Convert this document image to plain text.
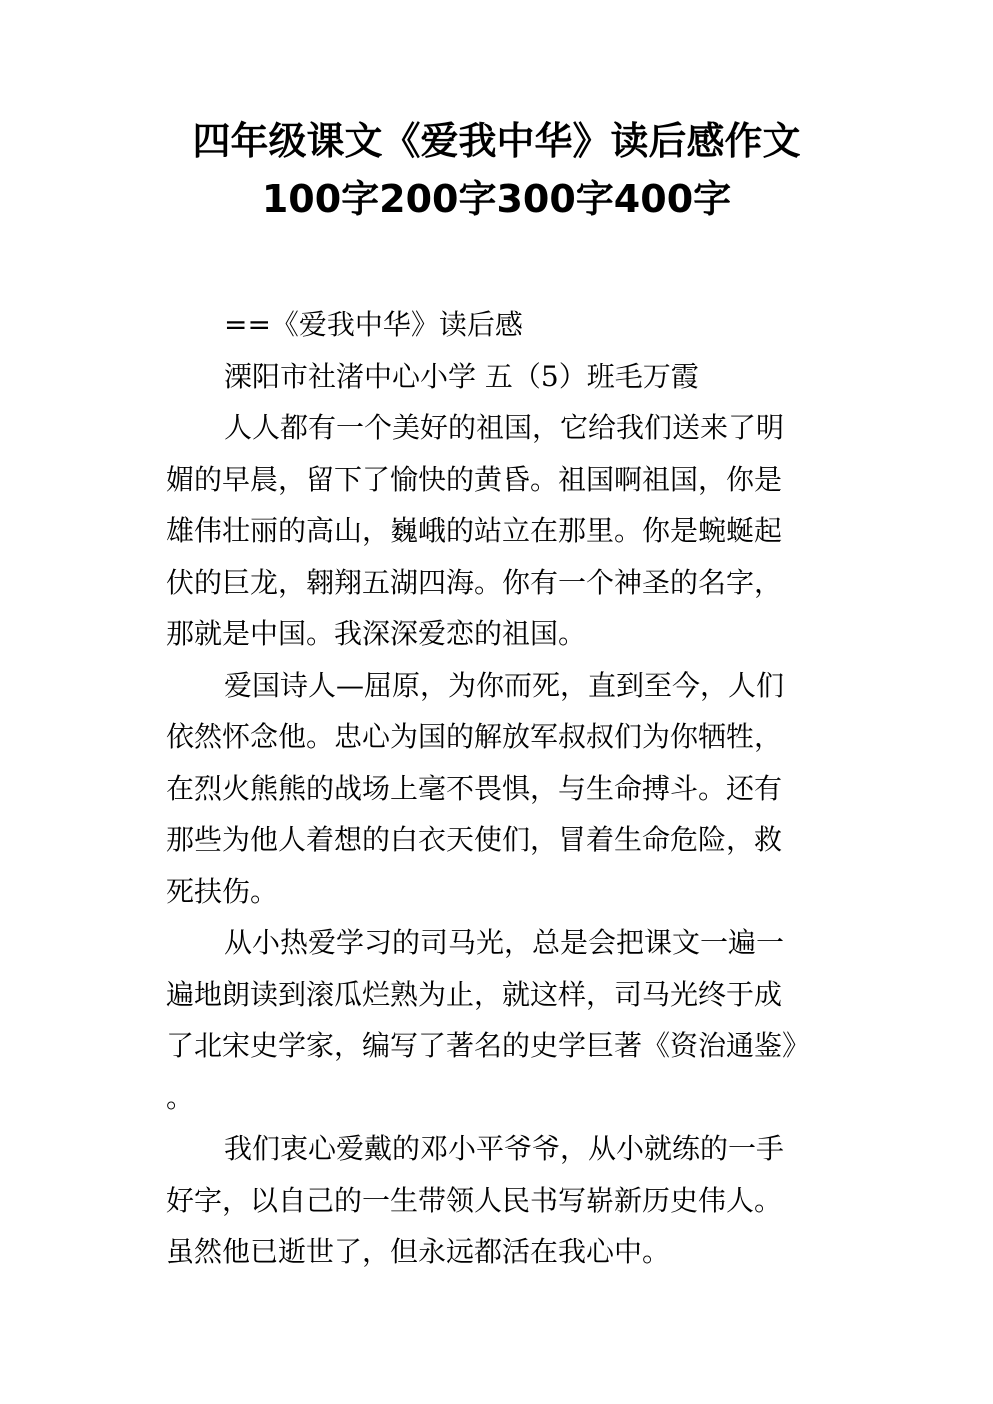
四年级课文《爱我中华》读后感作文
100字200字300字400字
==《爱我中华》读后感
溧阳市社渚中心小学 五（5）班毛万霞
人人都有一个美好的祖国，它给我们送来了明
媚的早晨，留下了愉快的黄昏。祖国啊祖国，你是
雄伟壮丽的高山，巍峨的站立在那里。你是蜿蜒起
伏的巨龙，翱翔五湖四海。你有一个神圣的名字，
那就是中国。我深深爱恋的祖国。
爱国诗人—屈原，为你而死，直到至今，人们
依然怀念他。忠心为国的解放军叔叔们为你牺牲，
在烈火熊熊的战场上毫不畏惧，与生命搏斗。还有
那些为他人着想的白衣天使们，冒着生命危险，救
死扶伤。
从小热爱学习的司马光，总是会把课文一遍一
遍地朗读到滚瓜烂熟为止，就这样，司马光终于成
了北宋史学家，编写了著名的史学巨著《资治通鉴》
。
我们衷心爱戴的邓小平爷爷，从小就练的一手
好字，以自己的一生带领人民书写崭新历史伟人。
虽然他已逝世了，但永远都活在我心中。
